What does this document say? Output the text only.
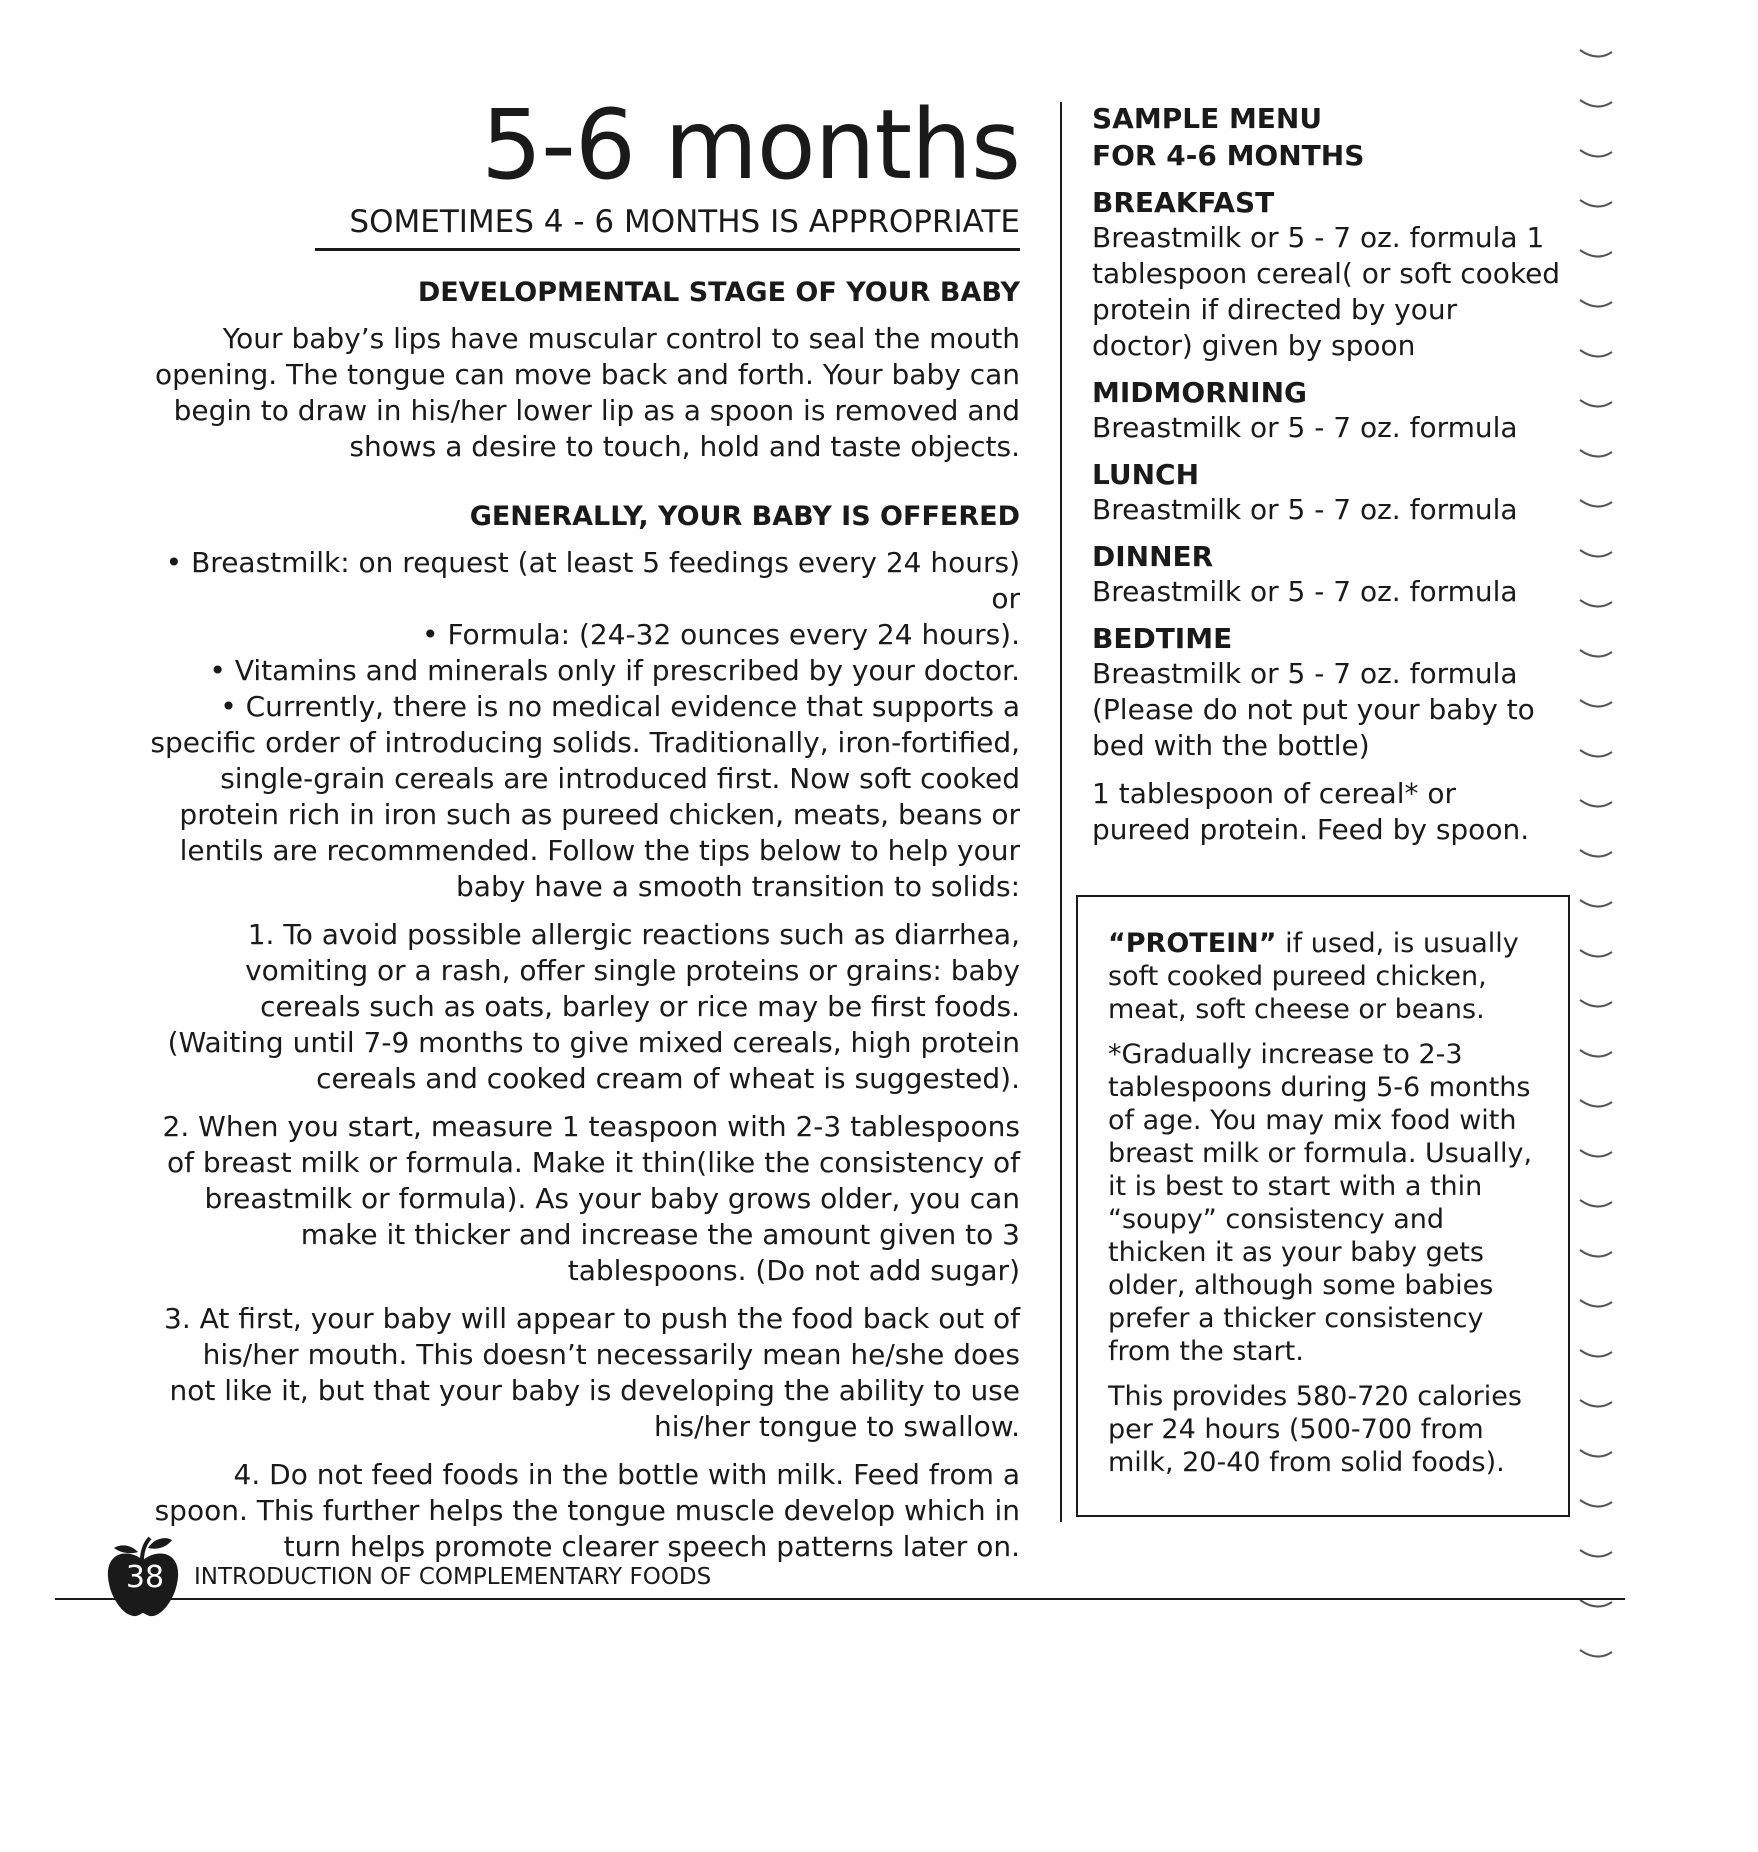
5-6 months

SOMETIMES 4 - 6 MONTHS IS APPROPRIATE

DEVELOPMENTAL STAGE OF YOUR BABY

Your baby’s lips have muscular control to seal the mouth opening. The tongue can move back and forth. Your baby can begin to draw in his/her lower lip as a spoon is removed and shows a desire to touch, hold and taste objects.

GENERALLY, YOUR BABY IS OFFERED

• Breastmilk: on request (at least 5 feedings every 24 hours) or

• Formula: (24-32 ounces every 24 hours).

• Vitamins and minerals only if prescribed by your doctor.

• Currently, there is no medical evidence that supports a specific order of introducing solids. Traditionally, iron-fortified, single-grain cereals are introduced first. Now soft cooked protein rich in iron such as pureed chicken, meats, beans or lentils are recommended. Follow the tips below to help your baby have a smooth transition to solids:

1. To avoid possible allergic reactions such as diarrhea, vomiting or a rash, offer single proteins or grains: baby cereals such as oats, barley or rice may be first foods. (Waiting until 7-9 months to give mixed cereals, high protein cereals and cooked cream of wheat is suggested).

2. When you start, measure 1 teaspoon with 2-3 tablespoons of breast milk or formula. Make it thin(like the consistency of breastmilk or formula). As your baby grows older, you can make it thicker and increase the amount given to 3 tablespoons. (Do not add sugar)

3. At first, your baby will appear to push the food back out of his/her mouth. This doesn’t necessarily mean he/she does not like it, but that your baby is developing the ability to use his/her tongue to swallow.

4. Do not feed foods in the bottle with milk. Feed from a spoon. This further helps the tongue muscle develop which in turn helps promote clearer speech patterns later on.

SAMPLE MENU
FOR 4-6 MONTHS

BREAKFAST

Breastmilk or 5 - 7 oz. formula 1 tablespoon cereal( or soft cooked protein if directed by your doctor) given by spoon

MIDMORNING

Breastmilk or 5 - 7 oz. formula

LUNCH

Breastmilk or 5 - 7 oz. formula

DINNER

Breastmilk or 5 - 7 oz. formula

BEDTIME

Breastmilk or 5 - 7 oz. formula (Please do not put your baby to bed with the bottle)

1 tablespoon of cereal* or pureed protein. Feed by spoon.

“PROTEIN” if used, is usually soft cooked pureed chicken, meat, soft cheese or beans.

*Gradually increase to 2-3 tablespoons during 5-6 months of age. You may mix food with breast milk or formula. Usually, it is best to start with a thin “soupy” consistency and thicken it as your baby gets older, although some babies prefer a thicker consistency from the start.

This provides 580-720 calories per 24 hours (500-700 from milk, 20-40 from solid foods).

38	INTRODUCTION OF COMPLEMENTARY FOODS
